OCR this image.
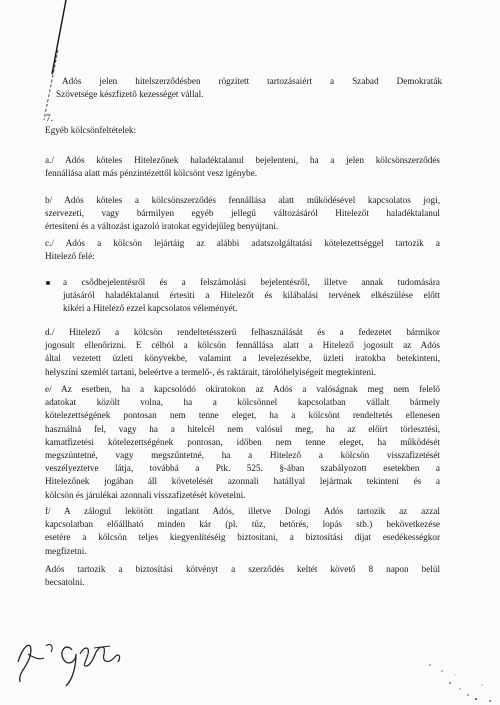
Adós jelen hitelszerződésben rögzített tartozásaiért a Szabad Demokraták
Szövetsége készfizető kezességet vállal.
7.
Egyéb kölcsönfeltételek:
a./ Adós köteles Hitelezőnek haladéktalanul bejelenteni, ha a jelen kölcsönszerződés
fennállása alatt más pénzintézettől kölcsönt vesz igénybe.
b/ Adós köteles a kölcsönszerződés fennállása alatt működésével kapcsolatos jogi,
szervezeti, vagy bármilyen egyéb jellegű változásáról Hitelezőt haladéktalanul
értesíteni és a változást igazoló iratokat egyidejűleg benyújtani.
c./ Adós a kölcsön lejártáig az alábbi adatszolgáltatási kötelezettséggel tartozik a
Hitelező felé:
a csődbejelentésről és a felszámolási bejelentésről, illetve annak tudomására
jutásáról haladéktalanul értesíti a Hitelezőt és kilábalási tervének elkészülése előtt
kikéri a Hitelező ezzel kapcsolatos véleményét.
d./ Hitelező a kölcsön rendeltetésszerű felhasználását és a fedezetet bármikor
jogosult ellenőrizni. E célból a kölcsön fennállása alatt a Hitelező jogosult az Adós
által vezetett üzleti könyvekbe, valamint a levelezésekbe, üzleti iratokba betekinteni,
helyszíni szemlét tartani, beleértve a termelő-, és raktárait, tárolóhelyiségeit megtekinteni.
e/ Az esetben, ha a kapcsolódó okiratokon az Adós a valóságnak meg nem felelő
adatokat közölt volna, ha a kölcsönnel kapcsolatban vállalt bármely
kötelezettségének pontosan nem tenne eleget, ha a kölcsönt rendeltetés ellenesen
használná fel, vagy ha a hitelcél nem valósul meg, ha az előírt törlesztési,
kamatfizetési kötelezettségének pontosan, időben nem tenne eleget, ha működését
megszüntetné, vagy megszűntetné, ha a Hitelező a kölcsön visszafizetését
veszélyeztetve látja, továbbá a Ptk. 525. §-ában szabályozott esetekben a
Hitelezőnek jogában áll követelését azonnali hatállyal lejártnak tekinteni és a
kölcsön és járulékai azonnali visszafizetését követelni.
f/ A zálogul lekötött ingatlant Adós, illetve Dologi Adós tartozik az azzal
kapcsolatban előállható minden kár (pl. tűz, betörés, lopás stb.) bekövetkezése
esetére a kölcsön teljes kiegyenlítéséig biztosítani, a biztosítási díjat esedékességkor
megfizetni.
Adós tartozik a biztosítási kötvényt a szerződés keltét követő 8 napon belül
becsatolni.
